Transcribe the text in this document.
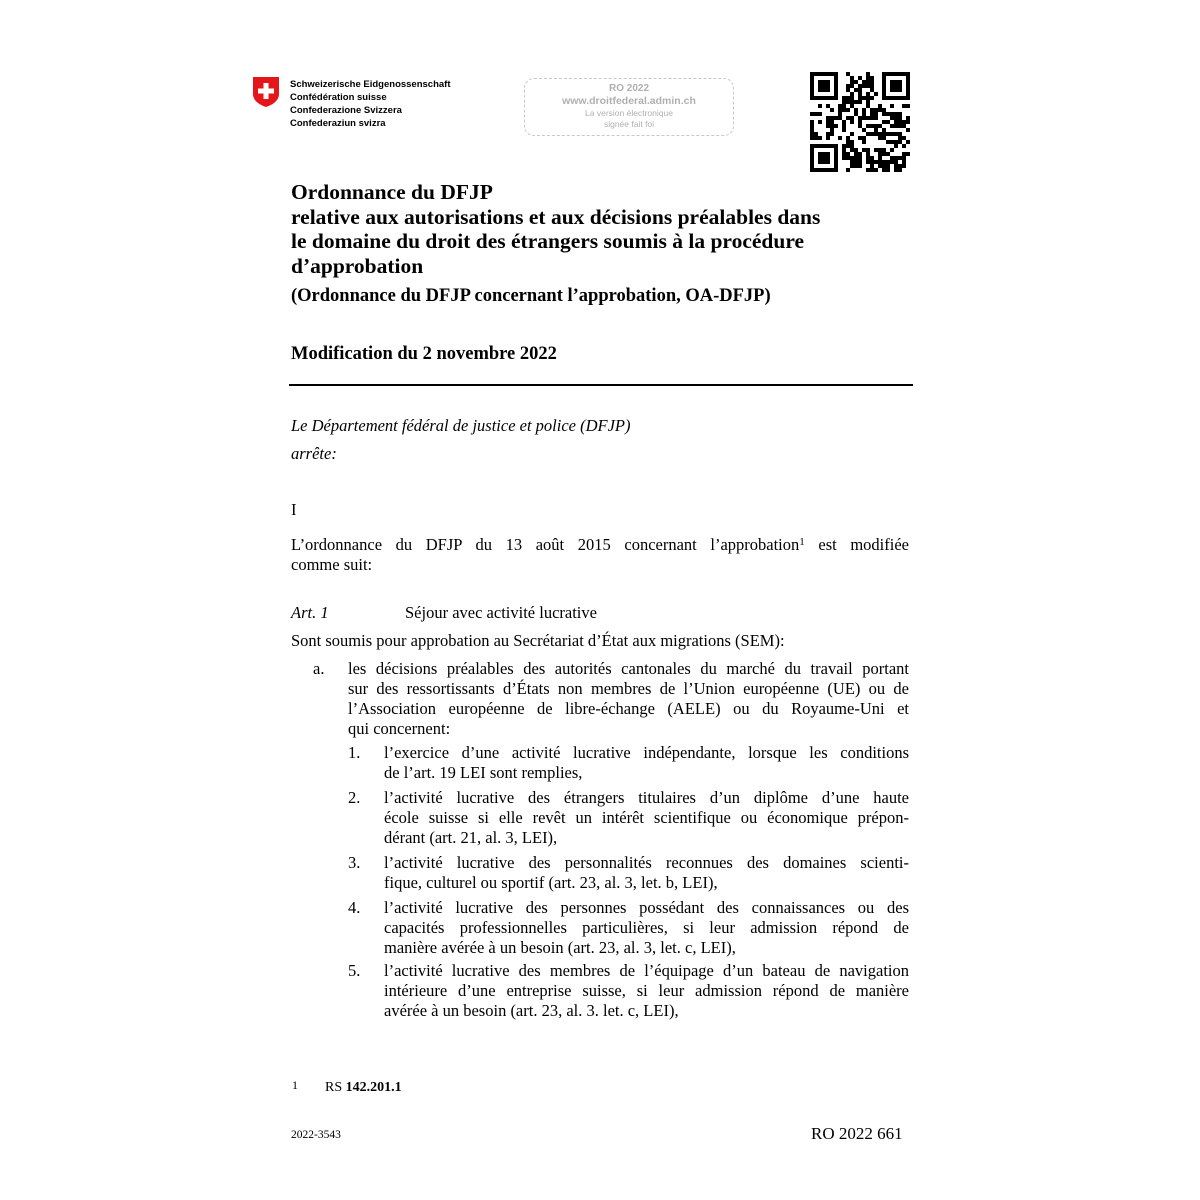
Schweizerische Eidgenossenschaft
Confédération suisse
Confederazione Svizzera
Confederaziun svizra
RO 2022
www.droitfederal.admin.ch
La version électronique
signée fait foi
Ordonnance du DFJP
relative aux autorisations et aux décisions préalables dans
le domaine du droit des étrangers soumis à la procédure
d’approbation
(Ordonnance du DFJP concernant l’approbation, OA-DFJP)
Modification du 2 novembre 2022
Le Département fédéral de justice et police (DFJP)
arrête:
I
L’ordonnance du DFJP du 13 août 2015 concernant l’approbation$^1$ est modifiée
comme suit:
Art. 1	Séjour avec activité lucrative
Sont soumis pour approbation au Secrétariat d’État aux migrations (SEM):
a. les décisions préalables des autorités cantonales du marché du travail portant
sur des ressortissants d’États non membres de l’Union européenne (UE) ou de
l’Association européenne de libre-échange (AELE) ou du Royaume-Uni et
qui concernent:
1. l’exercice d’une activité lucrative indépendante, lorsque les conditions
de l’art. 19 LEI sont remplies,
2. l’activité lucrative des étrangers titulaires d’un diplôme d’une haute
école suisse si elle revêt un intérêt scientifique ou économique prépon-
dérant (art. 21, al. 3, LEI),
3. l’activité lucrative des personnalités reconnues des domaines scienti-
fique, culturel ou sportif (art. 23, al. 3, let. b, LEI),
4. l’activité lucrative des personnes possédant des connaissances ou des
capacités professionnelles particulières, si leur admission répond de
manière avérée à un besoin (art. 23, al. 3, let. c, LEI),
5. l’activité lucrative des membres de l’équipage d’un bateau de navigation
intérieure d’une entreprise suisse, si leur admission répond de manière
avérée à un besoin (art. 23, al. 3. let. c, LEI),
1 RS 142.201.1
2022-3543	RO 2022 661
